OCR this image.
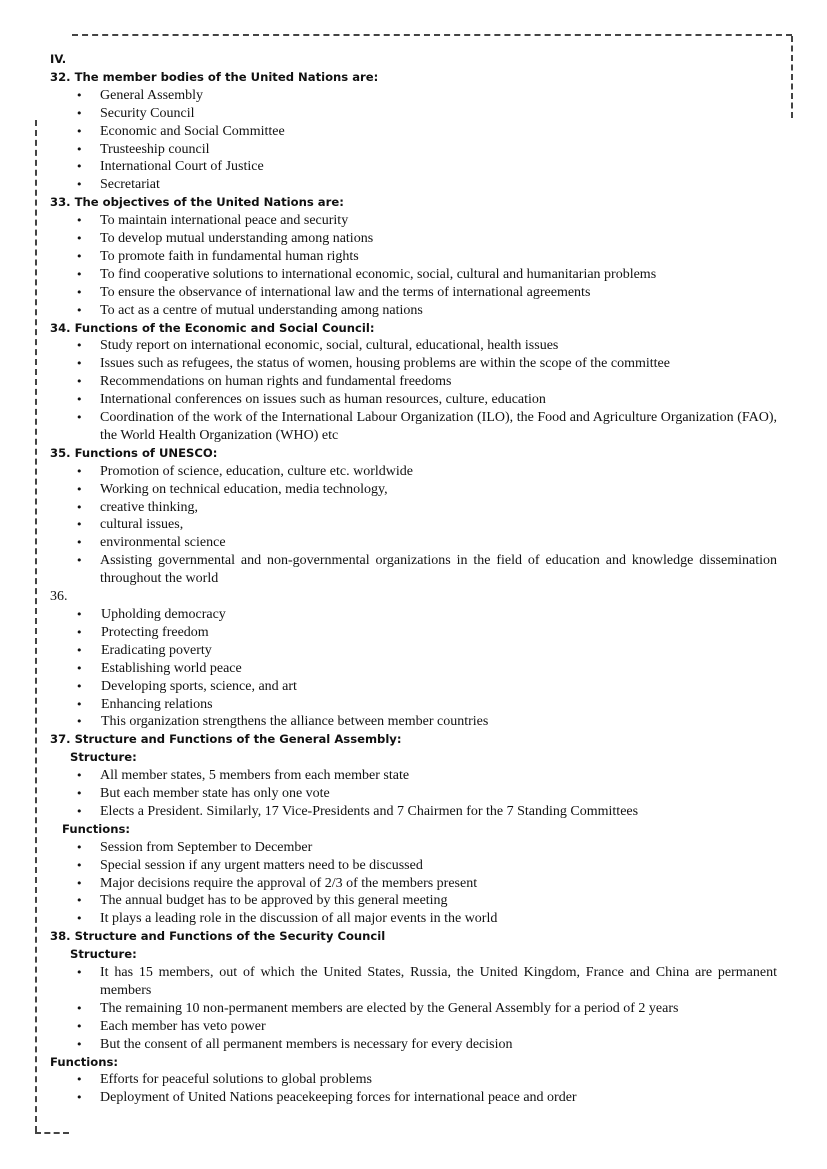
IV.
32. The member bodies of the United Nations are:
• General Assembly
• Security Council
• Economic and Social Committee
• Trusteeship council
• International Court of Justice
• Secretariat
33. The objectives of the United Nations are:
• To maintain international peace and security
• To develop mutual understanding among nations
• To promote faith in fundamental human rights
• To find cooperative solutions to international economic, social, cultural and humanitarian problems
• To ensure the observance of international law and the terms of international agreements
• To act as a centre of mutual understanding among nations
34. Functions of the Economic and Social Council:
• Study report on international economic, social, cultural, educational, health issues
• Issues such as refugees, the status of women, housing problems are within the scope of the committee
• Recommendations on human rights and fundamental freedoms
• International conferences on issues such as human resources, culture, education
• Coordination of the work of the International Labour Organization (ILO), the Food and Agriculture Organization (FAO), the World Health Organization (WHO) etc
35. Functions of UNESCO:
• Promotion of science, education, culture etc. worldwide
• Working on technical education, media technology,
• creative thinking,
• cultural issues,
• environmental science
• Assisting governmental and non-governmental organizations in the field of education and knowledge dissemination throughout the world
36.
• Upholding democracy
• Protecting freedom
• Eradicating poverty
• Establishing world peace
• Developing sports, science, and art
• Enhancing relations
• This organization strengthens the alliance between member countries
37. Structure and Functions of the General Assembly:
Structure:
• All member states, 5 members from each member state
• But each member state has only one vote
• Elects a President. Similarly, 17 Vice-Presidents and 7 Chairmen for the 7 Standing Committees
Functions:
• Session from September to December
• Special session if any urgent matters need to be discussed
• Major decisions require the approval of 2/3 of the members present
• The annual budget has to be approved by this general meeting
• It plays a leading role in the discussion of all major events in the world
38. Structure and Functions of the Security Council
Structure:
• It has 15 members, out of which the United States, Russia, the United Kingdom, France and China are permanent members
• The remaining 10 non-permanent members are elected by the General Assembly for a period of 2 years
• Each member has veto power
• But the consent of all permanent members is necessary for every decision
Functions:
• Efforts for peaceful solutions to global problems
• Deployment of United Nations peacekeeping forces for international peace and order
